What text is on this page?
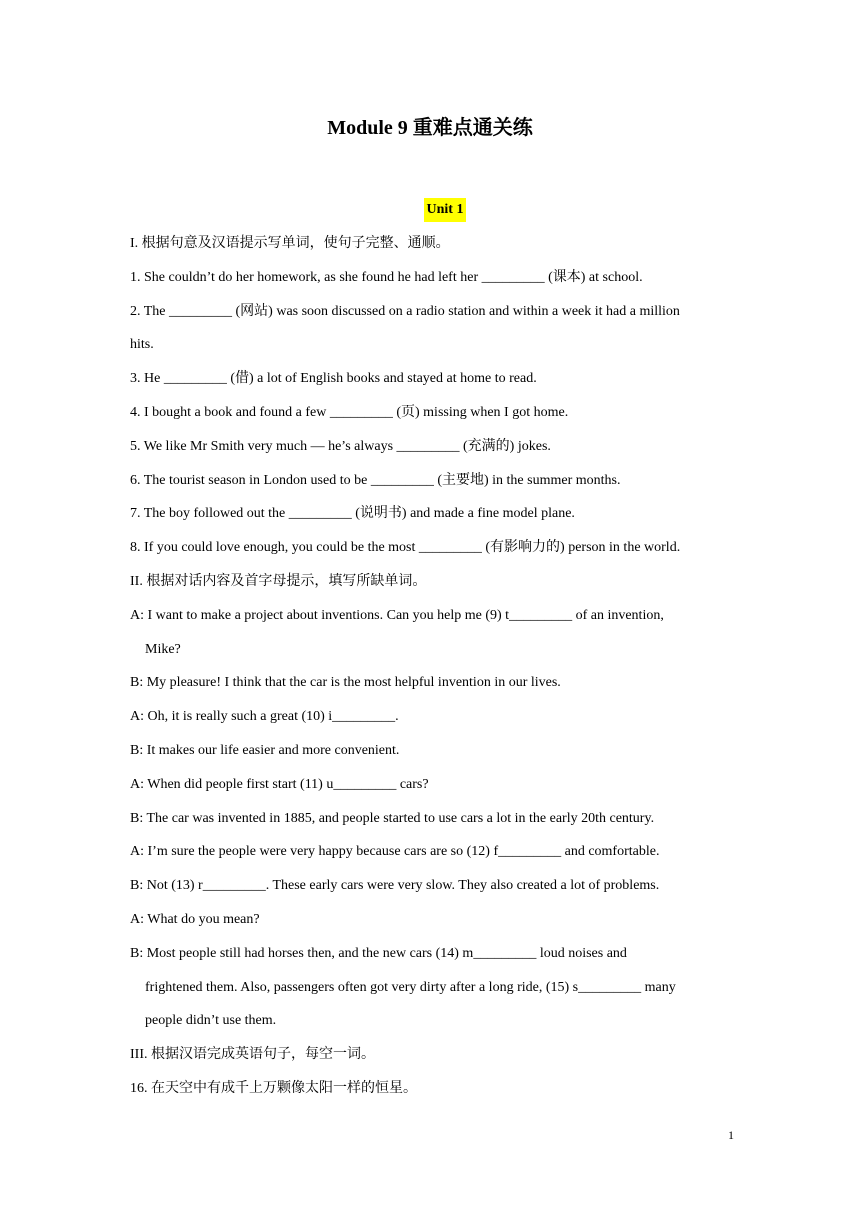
Module 9 重难点通关练
Unit 1
I. 根据句意及汉语提示写单词，使句子完整、通顺。
1. She couldn’t do her homework, as she found he had left her _________ (课本) at school.
2. The _________ (网站) was soon discussed on a radio station and within a week it had a million
hits.
3. He _________ (借) a lot of English books and stayed at home to read.
4. I bought a book and found a few _________ (页) missing when I got home.
5. We like Mr Smith very much — he’s always _________ (充满的) jokes.
6. The tourist season in London used to be _________ (主要地) in the summer months.
7. The boy followed out the _________ (说明书) and made a fine model plane.
8. If you could love enough, you could be the most _________ (有影响力的) person in the world.
II. 根据对话内容及首字母提示，填写所缺单词。
A: I want to make a project about inventions. Can you help me (9) t_________ of an invention,
Mike?
B: My pleasure! I think that the car is the most helpful invention in our lives.
A: Oh, it is really such a great (10) i_________.
B: It makes our life easier and more convenient.
A: When did people first start (11) u_________ cars?
B: The car was invented in 1885, and people started to use cars a lot in the early 20th century.
A: I’m sure the people were very happy because cars are so (12) f_________ and comfortable.
B: Not (13) r_________. These early cars were very slow. They also created a lot of problems.
A: What do you mean?
B: Most people still had horses then, and the new cars (14) m_________ loud noises and
frightened them. Also, passengers often got very dirty after a long ride, (15) s_________ many
people didn’t use them.
III. 根据汉语完成英语句子，每空一词。
16. 在天空中有成千上万颗像太阳一样的恒星。
1
